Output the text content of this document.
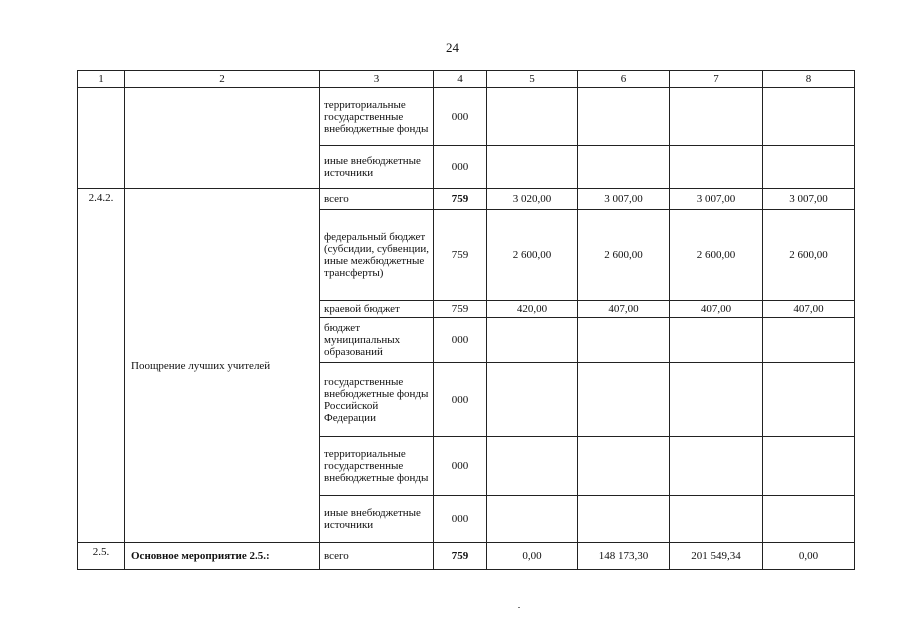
24
1	2	3	4	5	6	7	8
		территориальные государственные внебюджетные фонды	000				
		иные внебюджетные источники	000				
2.4.2.	Поощрение лучших учителей	всего	759	3 020,00	3 007,00	3 007,00	3 007,00
		федеральный бюджет (субсидии, субвенции, иные межбюджетные трансферты)	759	2 600,00	2 600,00	2 600,00	2 600,00
		краевой бюджет	759	420,00	407,00	407,00	407,00
		бюджет муниципальных образований	000				
		государственные внебюджетные фонды Российской Федерации	000				
		территориальные государственные внебюджетные фонды	000				
		иные внебюджетные источники	000				
2.5.	Основное мероприятие 2.5.:	всего	759	0,00	148 173,30	201 549,34	0,00
